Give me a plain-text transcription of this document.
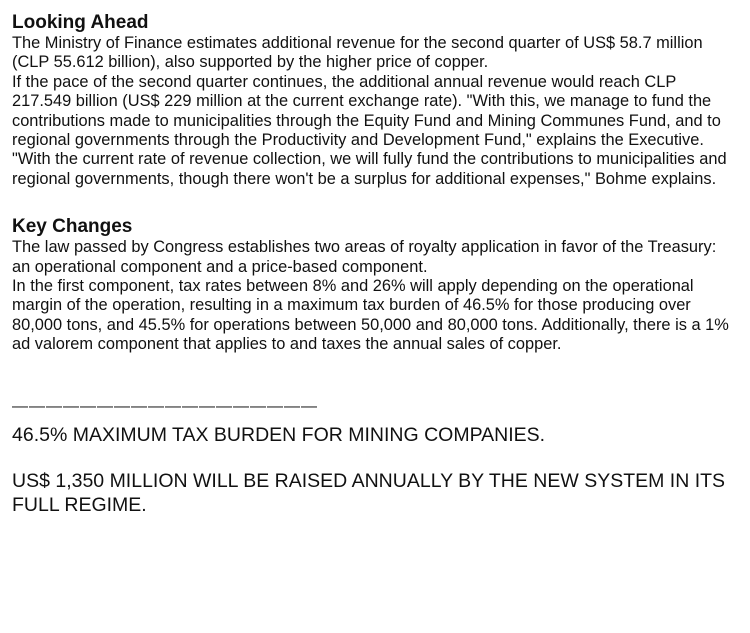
Looking Ahead

The Ministry of Finance estimates additional revenue for the second quarter of US$ 58.7 million (CLP 55.612 billion), also supported by the higher price of copper.

If the pace of the second quarter continues, the additional annual revenue would reach CLP 217.549 billion (US$ 229 million at the current exchange rate). "With this, we manage to fund the contributions made to municipalities through the Equity Fund and Mining Communes Fund, and to regional governments through the Productivity and Development Fund," explains the Executive.

"With the current rate of revenue collection, we will fully fund the contributions to municipalities and regional governments, though there won't be a surplus for additional expenses," Bohme explains.

Key Changes

The law passed by Congress establishes two areas of royalty application in favor of the Treasury: an operational component and a price-based component.

In the first component, tax rates between 8% and 26% will apply depending on the operational margin of the operation, resulting in a maximum tax burden of 46.5% for those producing over 80,000 tons, and 45.5% for operations between 50,000 and 80,000 tons. Additionally, there is a 1% ad valorem component that applies to and taxes the annual sales of copper.

——————————————————

46.5% MAXIMUM TAX BURDEN FOR MINING COMPANIES.

US$ 1,350 MILLION WILL BE RAISED ANNUALLY BY THE NEW SYSTEM IN ITS FULL REGIME.
